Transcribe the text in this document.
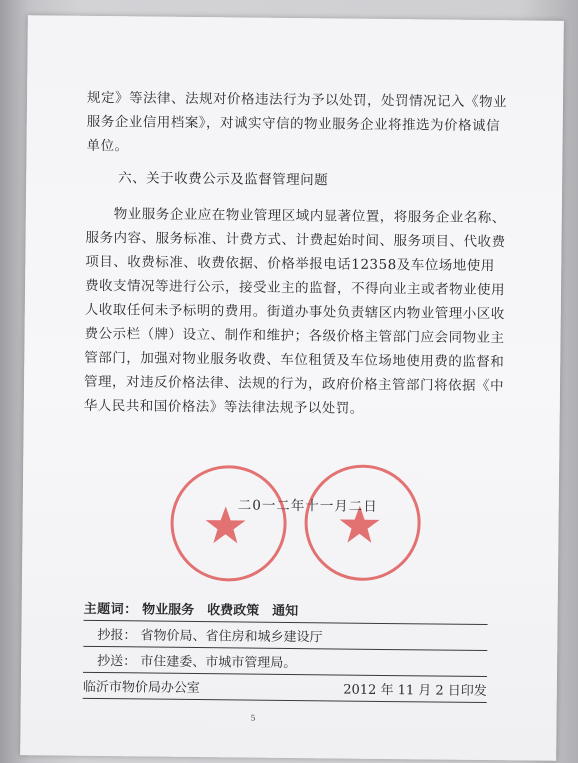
规定》等法律、法规对价格违法行为予以处罚，处罚情况记入《物业服务企业信用档案》，对诚实守信的物业服务企业将推选为价格诚信单位。
六、关于收费公示及监督管理问题
物业服务企业应在物业管理区域内显著位置，将服务企业名称、服务内容、服务标准、计费方式、计费起始时间、服务项目、代收费项目、收费标准、收费依据、价格举报电话12358及车位场地使用费收支情况等进行公示，接受业主的监督，不得向业主或者物业使用人收取任何未予标明的费用。街道办事处负责辖区内物业管理小区收费公示栏（牌）设立、制作和维护；各级价格主管部门应会同物业主管部门，加强对物业服务收费、车位租赁及车位场地使用费的监督和管理，对违反价格法律、法规的行为，政府价格主管部门将依据《中华人民共和国价格法》等法律法规予以处罚。
二0一二年十一月二日
主题词： 物业服务　收费政策　通知
抄报： 省物价局、省住房和城乡建设厅
抄送： 市住建委、市城市管理局。
临沂市物价局办公室	2012 年 11 月 2 日印发
5
